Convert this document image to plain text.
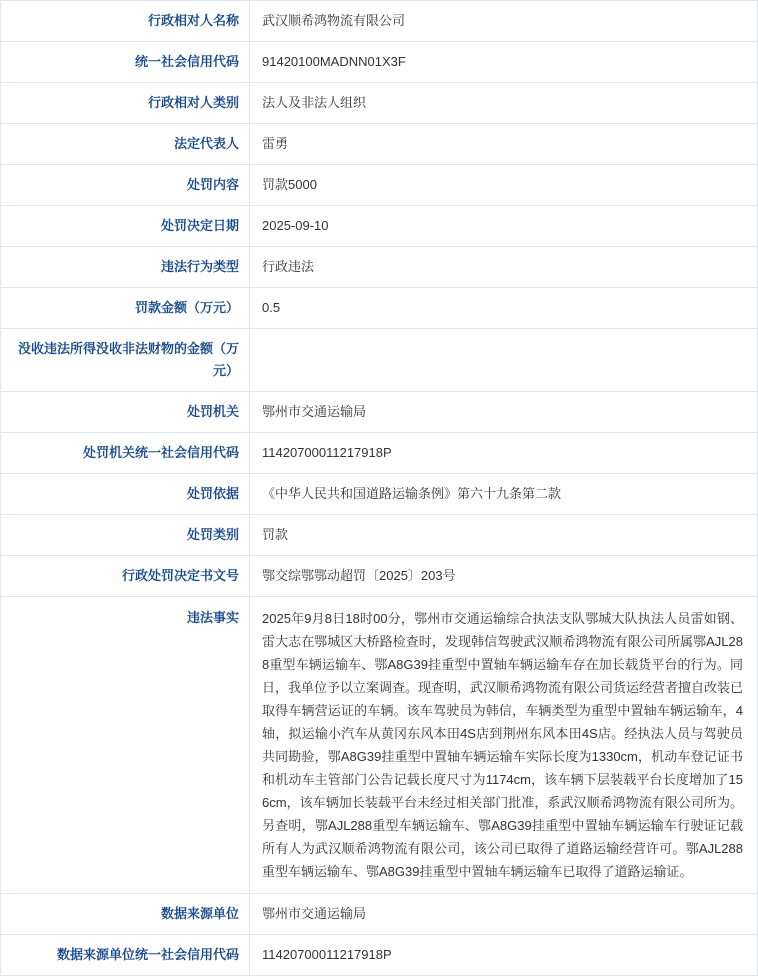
行政相对人名称	武汉顺希鸿物流有限公司
统一社会信用代码	91420100MADNN01X3F
行政相对人类别	法人及非法人组织
法定代表人	雷勇
处罚内容	罚款5000
处罚决定日期	2025-09-10
违法行为类型	行政违法
罚款金额（万元）	0.5
没收违法所得没收非法财物的金额（万元）	
处罚机关	鄂州市交通运输局
处罚机关统一社会信用代码	11420700011217918P
处罚依据	《中华人民共和国道路运输条例》第六十九条第二款
处罚类别	罚款
行政处罚决定书文号	鄂交综鄂鄂动超罚〔2025〕203号
违法事实	2025年9月8日18时00分，鄂州市交通运输综合执法支队鄂城大队执法人员雷如钢、雷大志在鄂城区大桥路检查时，发现韩信驾驶武汉顺希鸿物流有限公司所属鄂AJL288重型车辆运输车、鄂A8G39挂重型中置轴车辆运输车存在加长载货平台的行为。同日，我单位予以立案调查。现查明，武汉顺希鸿物流有限公司货运经营者擅自改装已取得车辆营运证的车辆。该车驾驶员为韩信，车辆类型为重型中置轴车辆运输车，4轴，拟运输小汽车从黄冈东风本田4S店到荆州东风本田4S店。经执法人员与驾驶员共同勘验，鄂A8G39挂重型中置轴车辆运输车实际长度为1330cm，机动车登记证书和机动车主管部门公告记载长度尺寸为1174cm，该车辆下层装载平台长度增加了156cm，该车辆加长装载平台未经过相关部门批准，系武汉顺希鸿物流有限公司所为。另查明，鄂AJL288重型车辆运输车、鄂A8G39挂重型中置轴车辆运输车行驶证记载所有人为武汉顺希鸿物流有限公司，该公司已取得了道路运输经营许可。鄂AJL288重型车辆运输车、鄂A8G39挂重型中置轴车辆运输车已取得了道路运输证。
数据来源单位	鄂州市交通运输局
数据来源单位统一社会信用代码	11420700011217918P
